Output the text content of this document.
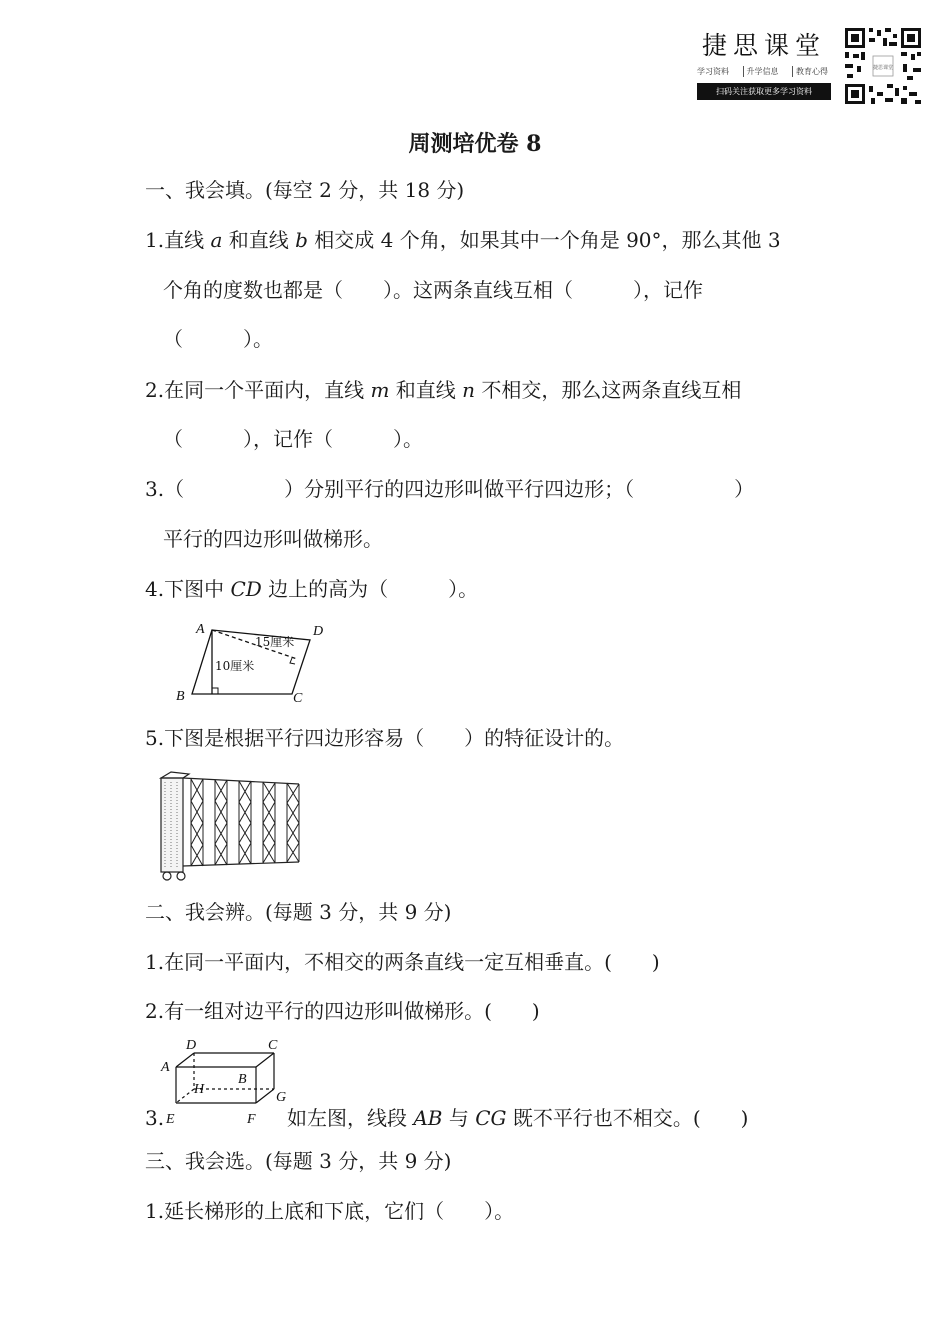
捷思课堂
学习资料	升学信息	教育心得
扫码关注获取更多学习资料
捷思课堂
周测培优卷 8
一、我会填。(每空 2 分，共 18 分)
1.直线 a 和直线 b 相交成 4 个角，如果其中一个角是 90°，那么其他 3
个角的度数也都是（　　）。这两条直线互相（　　　），记作
（　　　）。
2.在同一个平面内，直线 m 和直线 n 不相交，那么这两条直线互相
（　　　），记作（　　　）。
3.（　　　　　）分别平行的四边形叫做平行四边形；（　　　　　）
平行的四边形叫做梯形。
4.下图中 CD 边上的高为（　　　）。
A	D
B	C
15厘米
10厘米
5.下图是根据平行四边形容易（　　）的特征设计的。
二、我会辨。(每题 3 分，共 9 分)
1.在同一平面内，不相交的两条直线一定互相垂直。(　　)
2.有一组对边平行的四边形叫做梯形。(　　)
D	C
A
B
H
G
E	F
3.	如左图，线段 AB 与 CG 既不平行也不相交。(　　)
三、我会选。(每题 3 分，共 9 分)
1.延长梯形的上底和下底，它们（　　）。
